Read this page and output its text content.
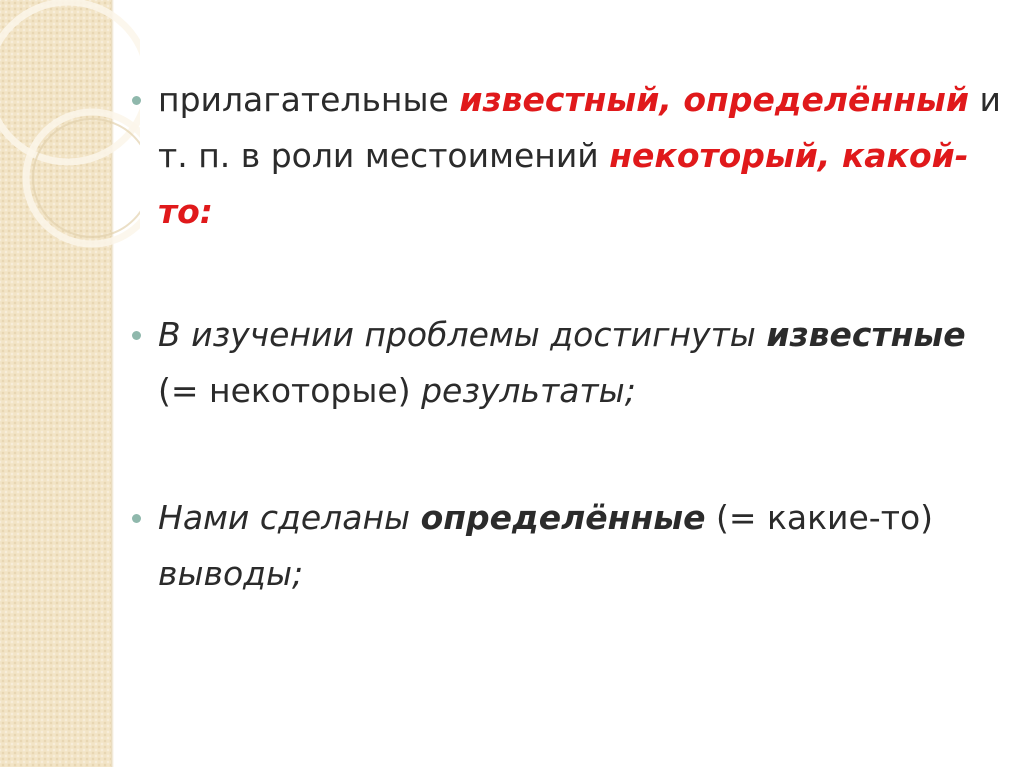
прилагательные известный, определённый и т. п. в роли местоимений некоторый, какой-то:
В изучении проблемы достигнуты известные (= некоторые) результаты;
Нами сделаны определённые (= какие-то) выводы;
